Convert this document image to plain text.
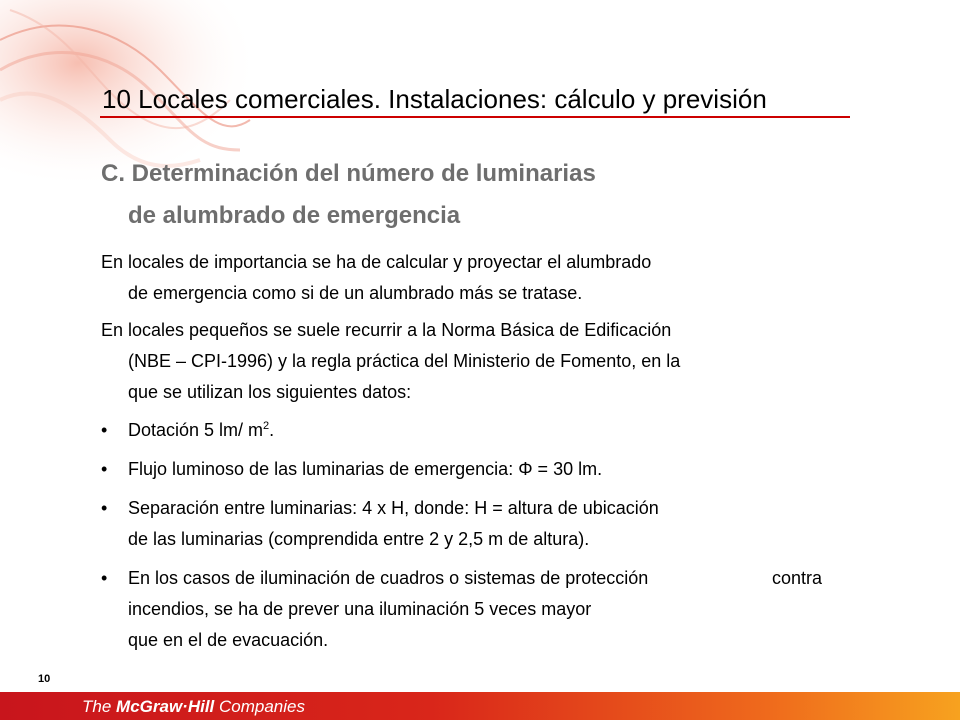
10 Locales comerciales. Instalaciones: cálculo y previsión
C. Determinación del número de luminarias
de alumbrado de emergencia
En locales de importancia se ha de calcular y proyectar el alumbrado
de emergencia como si de un alumbrado más se tratase.
En locales pequeños se suele recurrir a la Norma Básica de Edificación
(NBE – CPI-1996) y la regla práctica del Ministerio de Fomento, en la
que se utilizan los siguientes datos:
• Dotación 5 lm/ $m^2$.
• Flujo luminoso de las luminarias de emergencia: Φ = 30 lm.
• Separación entre luminarias: 4 x H, donde: H = altura de ubicación
de las luminarias (comprendida entre 2 y 2,5 m de altura).
• En los casos de iluminación de cuadros o sistemas de protección	contra
incendios, se ha de prever una iluminación 5 veces mayor
que en el de evacuación.
10
The McGraw·Hill Companies
